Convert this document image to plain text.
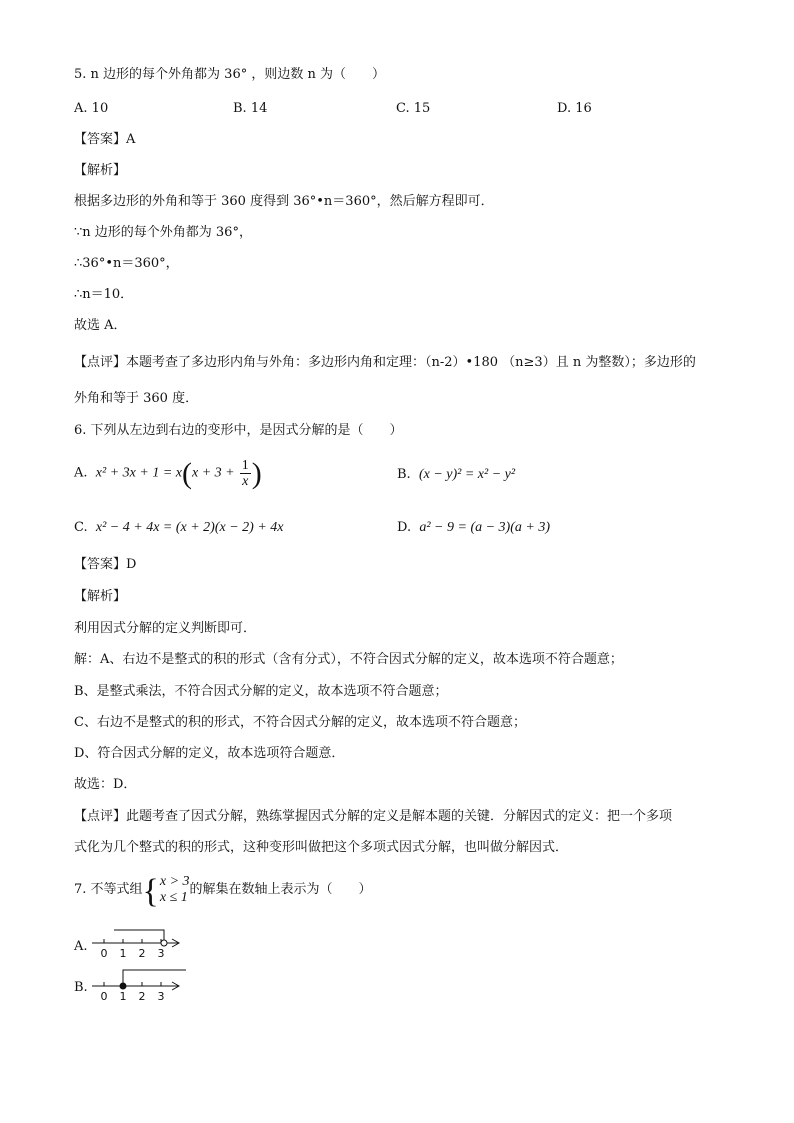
5. n 边形的每个外角都为 36° ，则边数 n 为（　　）
A. 10	B. 14	C. 15	D. 16
【答案】A
【解析】
根据多边形的外角和等于 360 度得到 36°•n＝360°，然后解方程即可．
∵n 边形的每个外角都为 36°，
∴36°•n＝360°，
∴n＝10．
故选 A．
【点评】本题考查了多边形内角与外角：多边形内角和定理：（n-2）•180 （n≥3）且 n 为整数）；多边形的
外角和等于 360 度．
6. 下列从左边到右边的变形中，是因式分解的是（　　）
A. $x^2 + 3x + 1 = x(x + 3 + \frac{1}{x}$ )	B. (x − y)² = x² − y²
C. x² − 4 + 4x = (x + 2)(x − 2) + 4x	D. a² − 9 = (a − 3)(a + 3)
【答案】D
【解析】
利用因式分解的定义判断即可．
解：A、右边不是整式的积的形式（含有分式），不符合因式分解的定义，故本选项不符合题意；
B、是整式乘法，不符合因式分解的定义，故本选项不符合题意；
C、右边不是整式的积的形式，不符合因式分解的定义，故本选项不符合题意；
D、符合因式分解的定义，故本选项符合题意．
故选：D．
【点评】此题考查了因式分解，熟练掌握因式分解的定义是解本题的关键．分解因式的定义：把一个多项
式化为几个整式的积的形式，这种变形叫做把这个多项式因式分解，也叫做分解因式．
7. 不等式组{x > 3
x ≤ 1的解集在数轴上表示为（　　）
A. 0 1 2 3
B.
0 1 2 3
